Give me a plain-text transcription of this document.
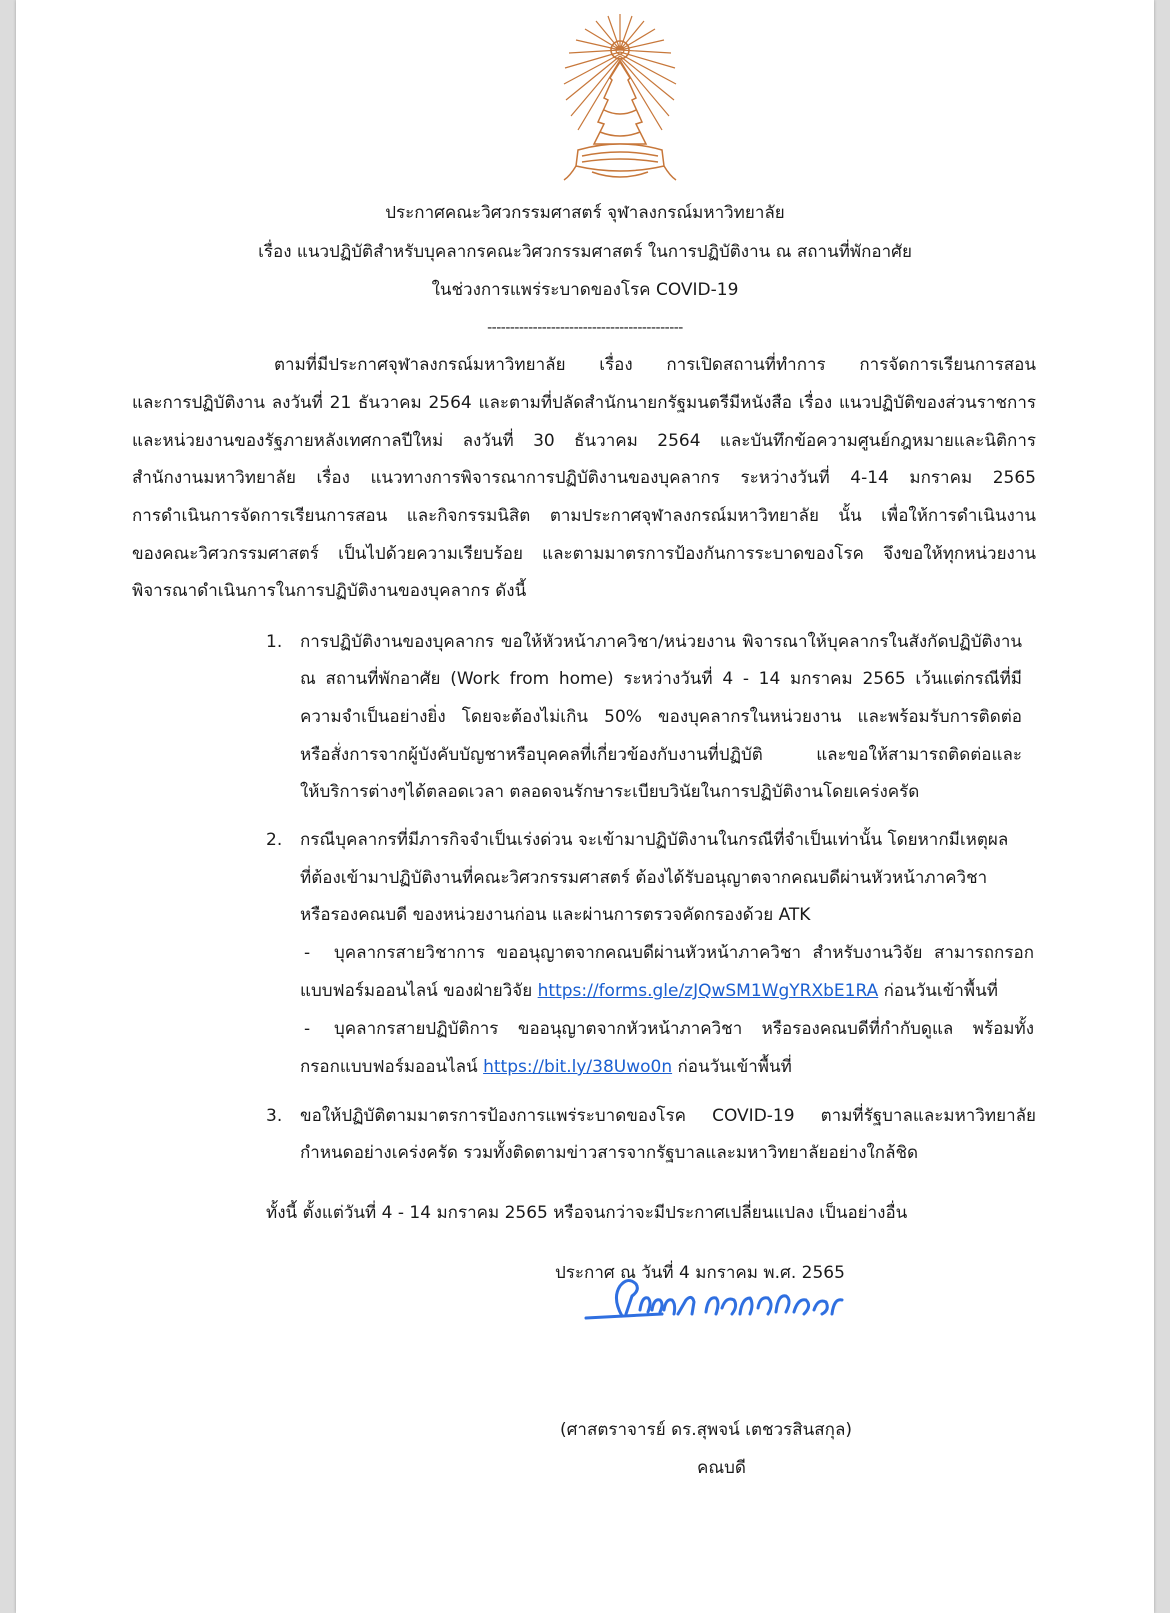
ประกาศคณะวิศวกรรมศาสตร์ จุฬาลงกรณ์มหาวิทยาลัย
เรื่อง แนวปฏิบัติสำหรับบุคลากรคณะวิศวกรรมศาสตร์ ในการปฏิบัติงาน ณ สถานที่พักอาศัย
ในช่วงการแพร่ระบาดของโรค COVID-19
-------------------------------------------
ตามที่มีประกาศจุฬาลงกรณ์มหาวิทยาลัย เรื่อง การเปิดสถานที่ทำการ การจัดการเรียนการสอน
และการปฏิบัติงาน ลงวันที่ 21 ธันวาคม 2564 และตามที่ปลัดสำนักนายกรัฐมนตรีมีหนังสือ เรื่อง แนวปฏิบัติของส่วนราชการ
และหน่วยงานของรัฐภายหลังเทศกาลปีใหม่ ลงวันที่ 30 ธันวาคม 2564 และบันทึกข้อความศูนย์กฎหมายและนิติการ
สำนักงานมหาวิทยาลัย เรื่อง แนวทางการพิจารณาการปฏิบัติงานของบุคลากร ระหว่างวันที่ 4-14 มกราคม 2565
การดำเนินการจัดการเรียนการสอน และกิจกรรมนิสิต ตามประกาศจุฬาลงกรณ์มหาวิทยาลัย นั้น เพื่อให้การดำเนินงาน
ของคณะวิศวกรรมศาสตร์ เป็นไปด้วยความเรียบร้อย และตามมาตรการป้องกันการระบาดของโรค จึงขอให้ทุกหน่วยงาน
พิจารณาดำเนินการในการปฏิบัติงานของบุคลากร ดังนี้
1. การปฏิบัติงานของบุคลากร ขอให้หัวหน้าภาควิชา/หน่วยงาน พิจารณาให้บุคลากรในสังกัดปฏิบัติงาน
ณ สถานที่พักอาศัย (Work from home) ระหว่างวันที่ 4 - 14 มกราคม 2565 เว้นแต่กรณีที่มี
ความจำเป็นอย่างยิ่ง โดยจะต้องไม่เกิน 50% ของบุคลากรในหน่วยงาน และพร้อมรับการติดต่อ
หรือสั่งการจากผู้บังคับบัญชาหรือบุคคลที่เกี่ยวข้องกับงานที่ปฏิบัติ และขอให้สามารถติดต่อและ
ให้บริการต่างๆได้ตลอดเวลา ตลอดจนรักษาระเบียบวินัยในการปฏิบัติงานโดยเคร่งครัด
2. กรณีบุคลากรที่มีภารกิจจำเป็นเร่งด่วน จะเข้ามาปฏิบัติงานในกรณีที่จำเป็นเท่านั้น โดยหากมีเหตุผล
ที่ต้องเข้ามาปฏิบัติงานที่คณะวิศวกรรมศาสตร์ ต้องได้รับอนุญาตจากคณบดีผ่านหัวหน้าภาควิชา
หรือรองคณบดี ของหน่วยงานก่อน และผ่านการตรวจคัดกรองด้วย ATK
- บุคลากรสายวิชาการ ขออนุญาตจากคณบดีผ่านหัวหน้าภาควิชา สำหรับงานวิจัย สามารถกรอก
แบบฟอร์มออนไลน์ ของฝ่ายวิจัย https://forms.gle/zJQwSM1WgYRXbE1RA ก่อนวันเข้าพื้นที่
- บุคลากรสายปฏิบัติการ ขออนุญาตจากหัวหน้าภาควิชา หรือรองคณบดีที่กำกับดูแล พร้อมทั้ง
กรอกแบบฟอร์มออนไลน์ https://bit.ly/38Uwo0n ก่อนวันเข้าพื้นที่
3. ขอให้ปฏิบัติตามมาตรการป้องการแพร่ระบาดของโรค COVID-19 ตามที่รัฐบาลและมหาวิทยาลัย
กำหนดอย่างเคร่งครัด รวมทั้งติดตามข่าวสารจากรัฐบาลและมหาวิทยาลัยอย่างใกล้ชิด
ทั้งนี้ ตั้งแต่วันที่ 4 - 14 มกราคม 2565 หรือจนกว่าจะมีประกาศเปลี่ยนแปลง เป็นอย่างอื่น
ประกาศ ณ วันที่ 4 มกราคม พ.ศ. 2565
(ศาสตราจารย์ ดร.สุพจน์ เตชวรสินสกุล)
คณบดี
